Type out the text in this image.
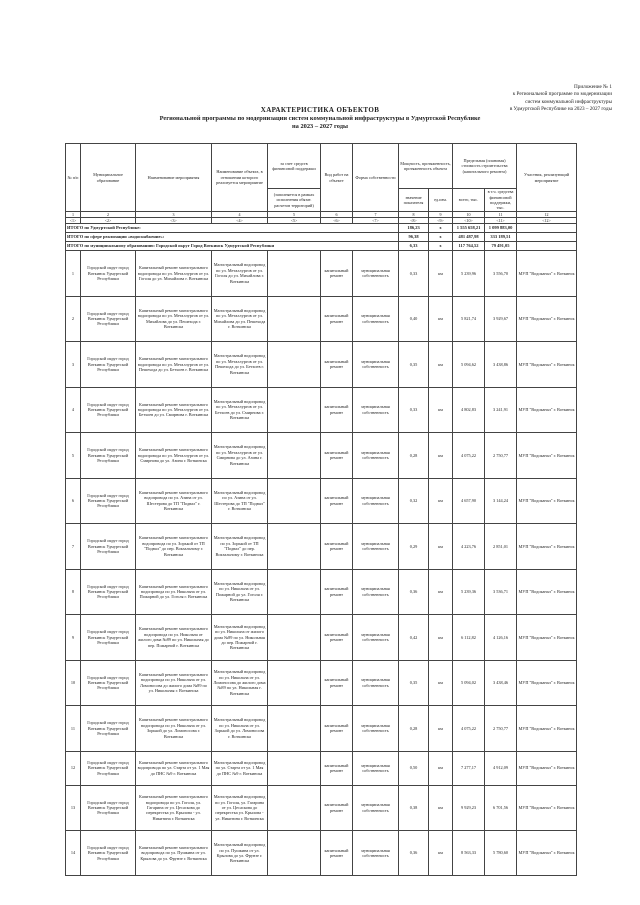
Приложение № 1
к Региональной программе по модернизации
систем коммунальной инфраструктуры
в Удмуртской Республике на 2023 – 2027 годы
ХАРАКТЕРИСТИКА ОБЪЕКТОВ
Региональной программы по модернизации систем коммунальной инфраструктуры в Удмуртской Республике
на 2023 – 2027 годы
№ п/п	Муниципальное образование	Наименование мероприятия	Наименование объекта, в отношении которого реализуется мероприятие	за счет средств финансовой поддержки	Вид работ на объекте	Форма собственности	Мощность, протяженность, протяженность объекта		Предельная (плановая) стоимость строительства (капитального ремонта)		Участник, реализующий мероприятие
				(заполняется в рамках исполнения обязат. расчетов территорий)			значение показателя	ед.изм.	всего, тыс.	в т.ч. средства финансовой поддержки, тыс.	
1	2	3	4	5	6	7	8	9	10	11	12
<1>	<2>	<3>	<4>	<5>	<6>	<7>	<8>	<9>	<10>	<11>	<12>
ИТОГО по Удмуртской Республике:							186,23	х	1 555 658,21	1 099 883,00	
ИТОГО по сфере реализации «водоснабжение»:							96,38	х	481 487,98	333 189,51	
ИТОГО по муниципальному образованию: Городской округ Город Воткинск Удмуртской Республики							6,33	х	117 764,52	79 491,05	
1	Городской округ город Воткинск Удмуртской Республики	Капитальный ремонт магистрального водопровода по ул. Металлургов от ул. Гоголя до ул. Михайлова г. Воткинска	Магистральный водопровод по ул. Металлургов от ул. Гоголя до ул. Михайлова г. Воткинска		капитальный ремонт	муниципальная собственность	0,33	км	5 239,96	3 556,70	МУП "Водоканал" г. Воткинск
2	Городской округ город Воткинск Удмуртской Республики	Капитальный ремонт магистрального водопровода по ул. Металлургов от ул. Михайлова до ул. Пешехода г. Воткинска	Магистральный водопровод по ул. Металлургов от ул. Михайлова до ул. Пешехода г. Воткинска		капитальный ремонт	муниципальная собственность	0,40	км	5 821,74	3 929,67	МУП "Водоканал" г. Воткинск
3	Городской округ город Воткинск Удмуртской Республики	Капитальный ремонт магистрального водопровода по ул. Металлургов от ул. Пешехода до ул. Бетхоев г. Воткинска	Магистральный водопровод по ул. Металлургов от ул. Пешехода до ул. Бетхоев г. Воткинска		капитальный ремонт	муниципальная собственность	0,35	км	5 094,62	3 438,86	МУП "Водоканал" г. Воткинск
4	Городской округ город Воткинск Удмуртской Республики	Капитальный ремонт магистрального водопровода по ул. Металлургов от ул. Бетхоев до ул. Смирнова г. Воткинска	Магистральный водопровод по ул. Металлургов от ул. Бетхоев до ул. Смирнова г. Воткинска		капитальный ремонт	муниципальная собственность	0,33	км	4 802,83	3 241,91	МУП "Водоканал" г. Воткинск
5	Городской округ город Воткинск Удмуртской Республики	Капитальный ремонт магистрального водопровода по ул. Металлургов от ул. Смирнова до ул. Азина г. Воткинска	Магистральный водопровод по ул. Металлургов от ул. Смирнова до ул. Азина г. Воткинска		капитальный ремонт	муниципальная собственность	0,28	км	4 075,22	2 750,77	МУП "Водоканал" г. Воткинск
6	Городской округ город Воткинск Удмуртской Республики	Капитальный ремонт магистрального водопровода по ул. Азина от ул. Шестерова до ТП "Подвал" г. Воткинска	Магистральный водопровод по ул. Азина от ул. Шестерова до ТП "Подвал" г. Воткинска		капитальный ремонт	муниципальная собственность	0,32	км	4 657,90	3 144,24	МУП "Водоканал" г. Воткинск
7	Городской округ город Воткинск Удмуртской Республики	Капитальный ремонт магистрального водопровода по ул. Зорькой от ТП "Подвал" до пер. Вокзальному г. Воткинска	Магистральный водопровод по ул. Зорькой от ТП "Подвал" до пер. Вокзальному г. Воткинска		капитальный ремонт	муниципальная собственность	0,29	км	4 223,76	2 851,01	МУП "Водоканал" г. Воткинск
8	Городской округ город Воткинск Удмуртской Республики	Капитальный ремонт магистрального водопровода по ул. Никольна от ул. Пожарной до ул. Гоголя г. Воткинска	Магистральный водопровод по ул. Никольна от ул. Пожарной до ул. Гоголя г. Воткинска		капитальный ремонт	муниципальная собственность	0,36	км	5 239,36	3 536,71	МУП "Водоканал" г. Воткинск
9	Городской округ город Воткинск Удмуртской Республики	Капитальный ремонт магистрального водопровода по ул. Никольна от жилого дома №89 по ул. Никольная до пер. Пожарной г. Воткинска	Магистральный водопровод по ул. Никольна от жилого дома №89 по ул. Никольная до пер. Пожарной г. Воткинска		капитальный ремонт	муниципальная собственность	0,42	км	6 112,82	4 126,16	МУП "Водоканал" г. Воткинск
10	Городской округ город Воткинск Удмуртской Республики	Капитальный ремонт магистрального водопровода по ул. Никольна от ул. Ломоносова до жилого дома №89 по ул. Никольная г. Воткинска	Магистральный водопровод по ул. Никольна от ул. Ломоносова до жилого дома №89 по ул. Никольная г. Воткинска		капитальный ремонт	муниципальная собственность	0,35	км	5 094,02	3 438,46	МУП "Водоканал" г. Воткинск
11	Городской округ город Воткинск Удмуртской Республики	Капитальный ремонт магистрального водопровода по ул. Никольна от ул. Зорькой до ул. Ломоносова г. Воткинска	Магистральный водопровод по ул. Никольна от ул. Зорькой до ул. Ломоносова г. Воткинска		капитальный ремонт	муниципальная собственность	0,28	км	4 075,22	2 750,77	МУП "Водоканал" г. Воткинск
12	Городской округ город Воткинск Удмуртской Республики	Капитальный ремонт магистрального водопровода по ул. Старта от ул. 1 Мая до ПНС №9 г. Воткинска	Магистральный водопровод по ул. Старта от ул. 1 Мая до ПНС №9 г. Воткинска		капитальный ремонт	муниципальная собственность	0,50	км	7 277,17	4 912,09	МУП "Водоканал" г. Воткинск
13	Городской округ город Воткинск Удмуртской Республики	Капитальный ремонт магистрального водопровода по ул. Гоголя, ул. Гагарина от ул. Цесаскова до перекрестка ул. Крылова - ул. Никитина г. Воткинска	Магистральный водопровод по ул. Гоголя, ул. Гагарина от ул. Цесаскова до перекрестка ул. Крылова - ул. Никитина г. Воткинска		капитальный ремонт	муниципальная собственность	0,38	км	9 929,23	6 701,56	МУП "Водоканал" г. Воткинск
14	Городской округ город Воткинск Удмуртской Республики	Капитальный ремонт магистрального водопровода по ул. Пушкина от ул. Крылова до ул. Фрунзе г. Воткинска	Магистральный водопровод по ул. Пушкина от ул. Крылова до ул. Фрунзе г. Воткинска		капитальный ремонт	муниципальная собственность	0,36	км	8 563,33	5 780,60	МУП "Водоканал" г. Воткинск
